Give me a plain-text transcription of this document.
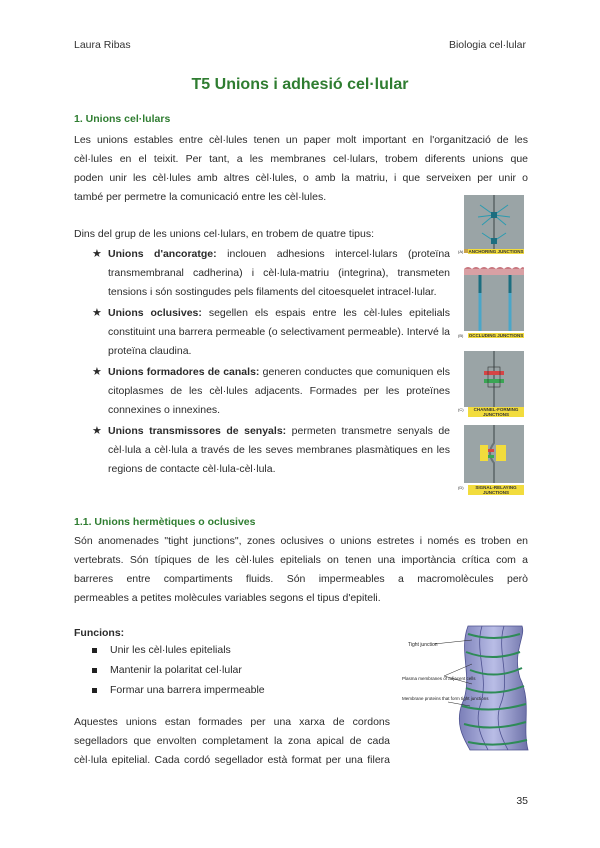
Laura Ribas	Biologia cel·lular
T5 Unions i adhesió cel·lular
1. Unions cel·lulars
Les unions estables entre cèl·lules tenen un paper molt important en l'organització de les
cèl·lules en el teixit. Per tant, a les membranes cel·lulars, trobem diferents unions que
poden unir les cèl·lules amb altres cèl·lules, o amb la matriu, i que serveixen per unir o
també per permetre la comunicació entre les cèl·lules.
Dins del grup de les unions cel·lulars, en trobem de quatre tipus:
★ Unions d'ancoratge: inclouen adhesions intercel·lulars (proteïna transmembranal cadherina) i cèl·lula-matriu (integrina), transmeten tensions i són sostingudes pels filaments del citoesquelet intracel·lular.
★ Unions oclusives: segellen els espais entre les cèl·lules epitelials constituint una barrera permeable (o selectivament permeable). Intervé la proteïna claudina.
★ Unions formadores de canals: generen conductes que comuniquen els citoplasmes de les cèl·lules adjacents. Formades per les proteïnes connexines o innexines.
★ Unions transmissores de senyals: permeten transmetre senyals de cèl·lula a cèl·lula a través de les seves membranes plasmàtiques en les regions de contacte cèl·lula-cèl·lula.
ANCHORING JUNCTIONS
(A)
OCCLUDING JUNCTIONS
(B)
CHANNEL-FORMING JUNCTIONS
(C)
SIGNAL-RELAYING JUNCTIONS
(D)
1.1. Unions hermètiques o oclusives
Són anomenades "tight junctions", zones oclusives o unions estretes i només es troben en
vertebrats. Són típiques de les cèl·lules epitelials on tenen una importància crítica com a
barreres entre compartiments fluids. Són impermeables a macromolècules però
permeables a petites molècules variables segons el tipus d'epiteli.
Funcions:
Unir les cèl·lules epitelials
Mantenir la polaritat cel·lular
Formar una barrera impermeable
Aquestes unions estan formades per una xarxa de cordons
segelladors que envolten completament la zona apical de cada
cèl·lula epitelial. Cada cordó segellador està format per una filera
Tight junction
Plasma membranes of adjacent cells
Membrane proteins that form tight junctions
35
